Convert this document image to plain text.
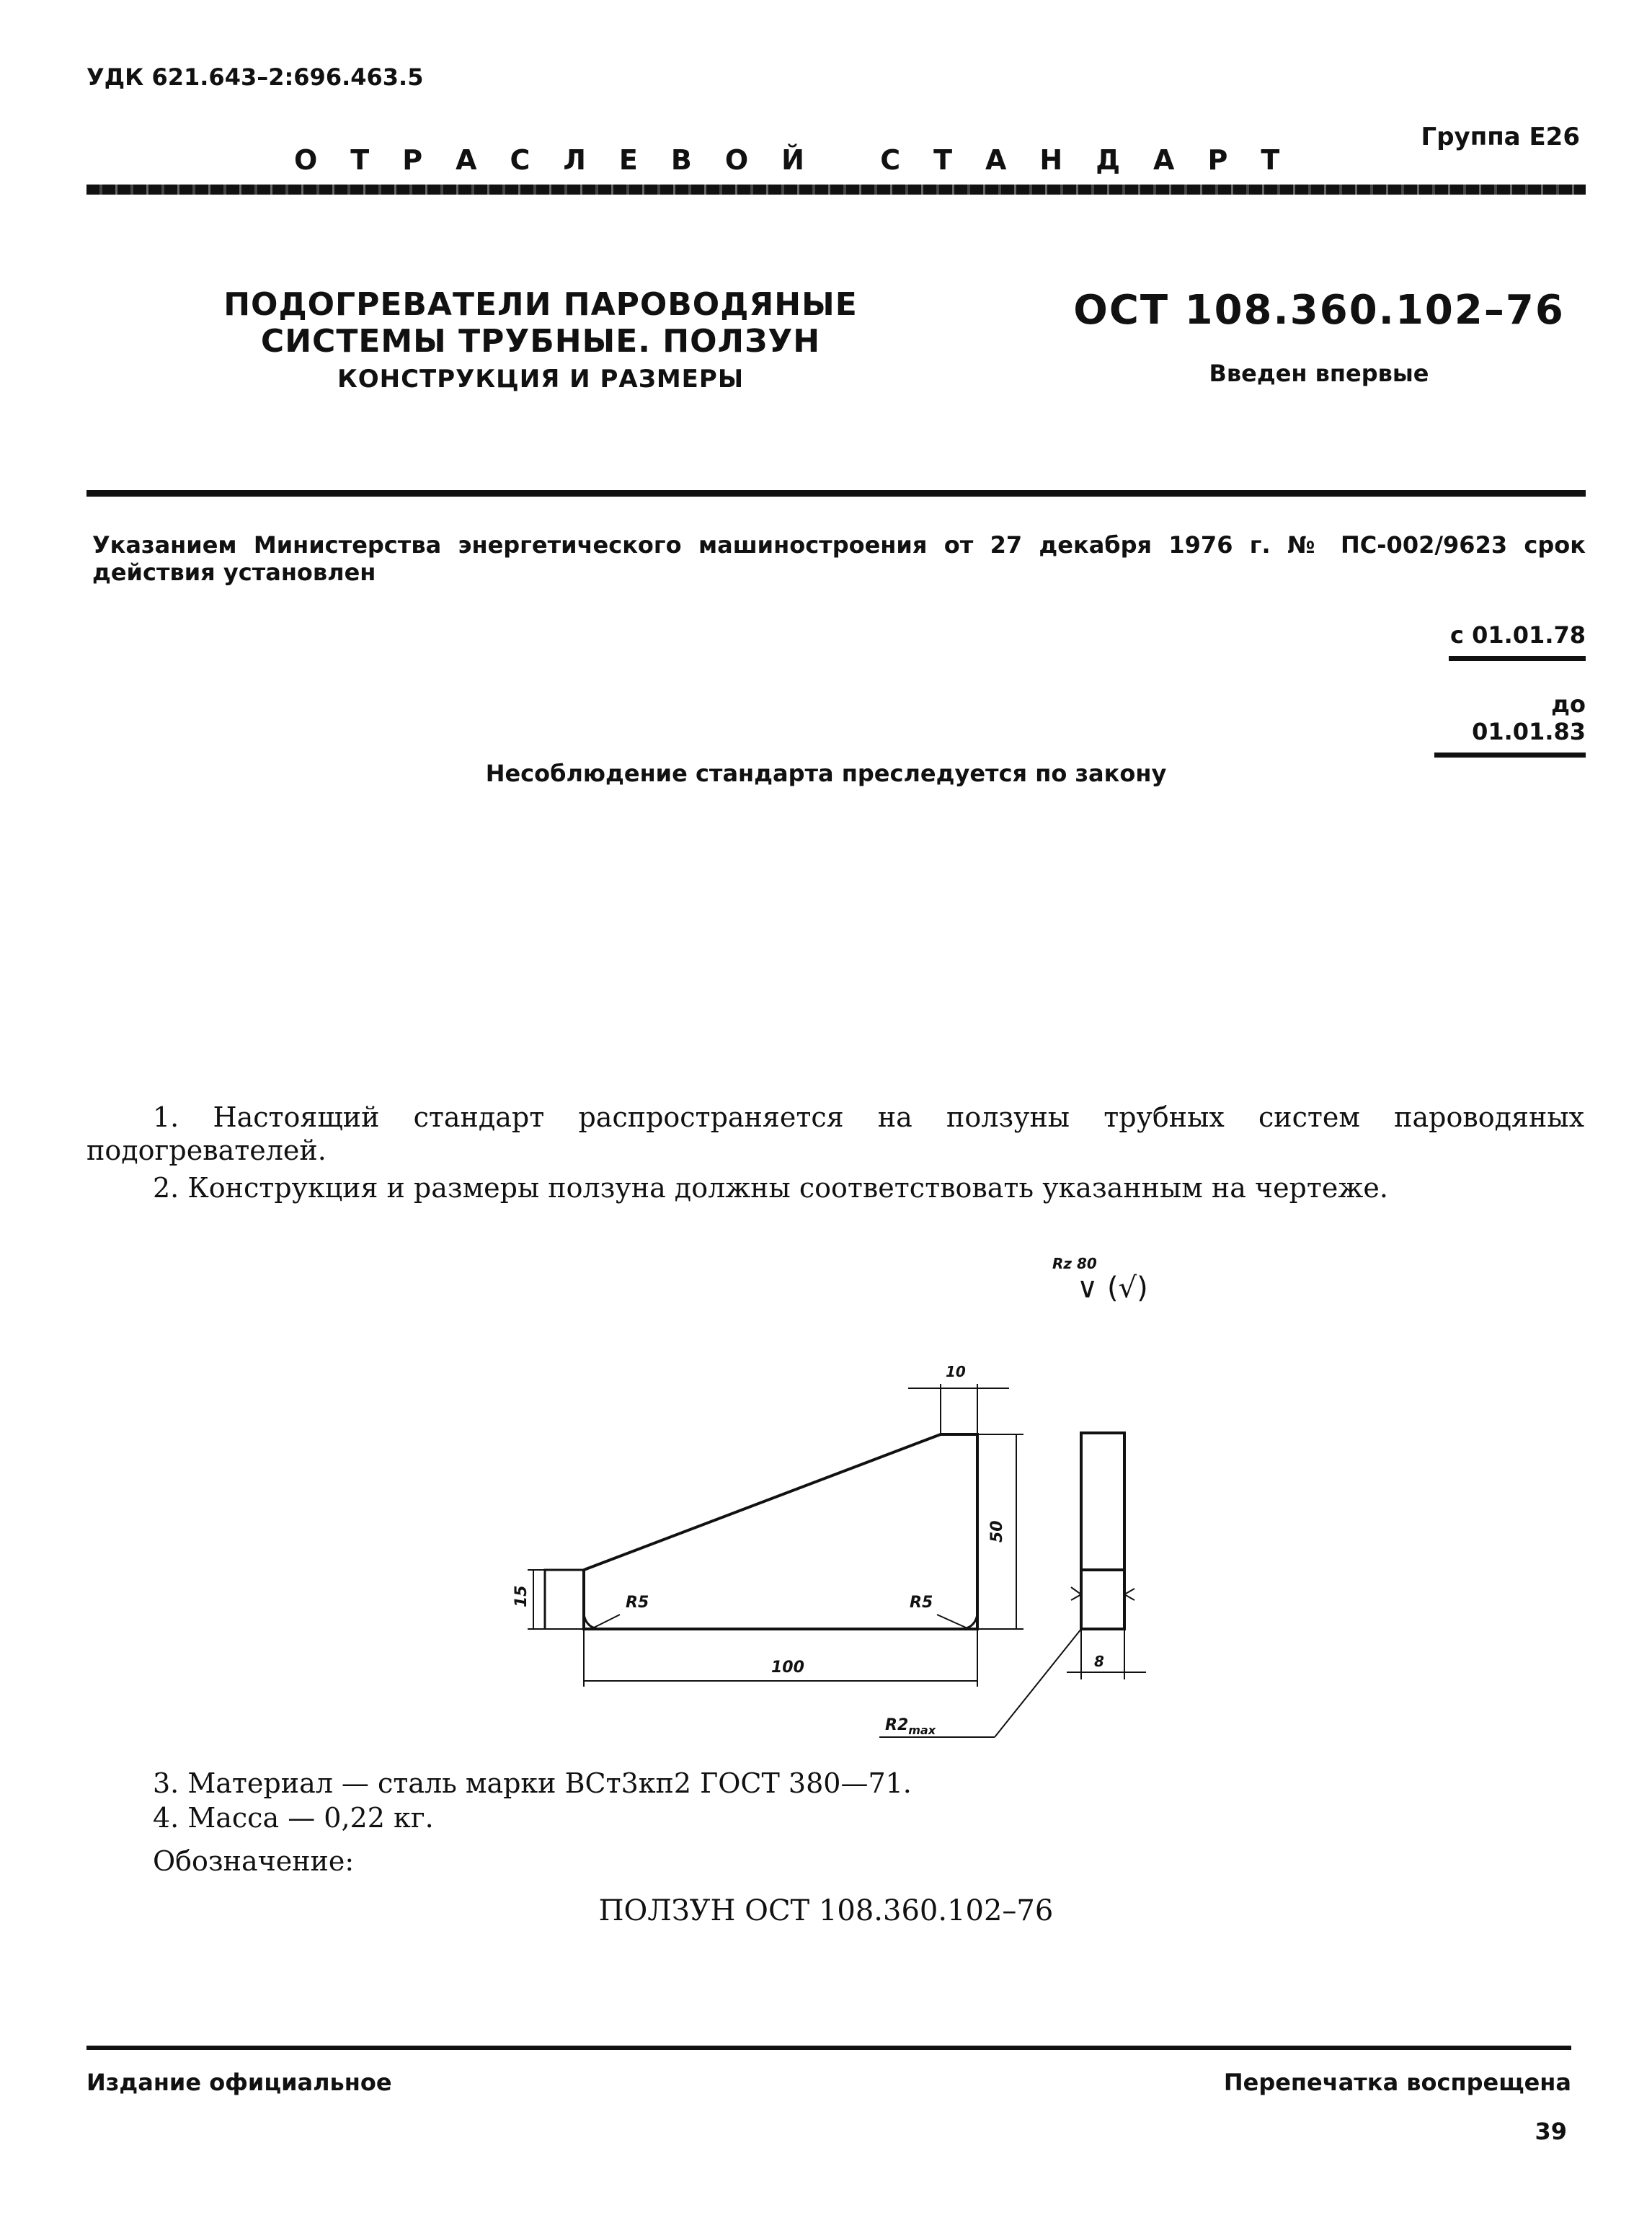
УДК 621.643–2:696.463.5
Группа Е26
ОТРАСЛЕВОЙ СТАНДАРТ
ПОДОГРЕВАТЕЛИ ПАРОВОДЯНЫЕ
СИСТЕМЫ ТРУБНЫЕ. ПОЛЗУН
КОНСТРУКЦИЯ И РАЗМЕРЫ
ОСТ 108.360.102–76
Введен впервые
Указанием Министерства энергетического машиностроения от 27 декабря 1976 г. № ПС-002/9623 срок действия установлен
с 01.01.78
до 01.01.83
Несоблюдение стандарта преследуется по закону
1. Настоящий стандарт распространяется на ползуны трубных систем пароводяных подогревателей.
2. Конструкция и размеры ползуна должны соответствовать указанным на чертеже.
Rz 80
∨ (√)
10
50
15
100
R5	R5
8
$R2_{max}$
3. Материал — сталь марки ВСт3кп2 ГОСТ 380—71.
4. Масса — 0,22 кг.
Обозначение:
ПОЛЗУН ОСТ 108.360.102–76
Издание официальное	Перепечатка воспрещена
39
